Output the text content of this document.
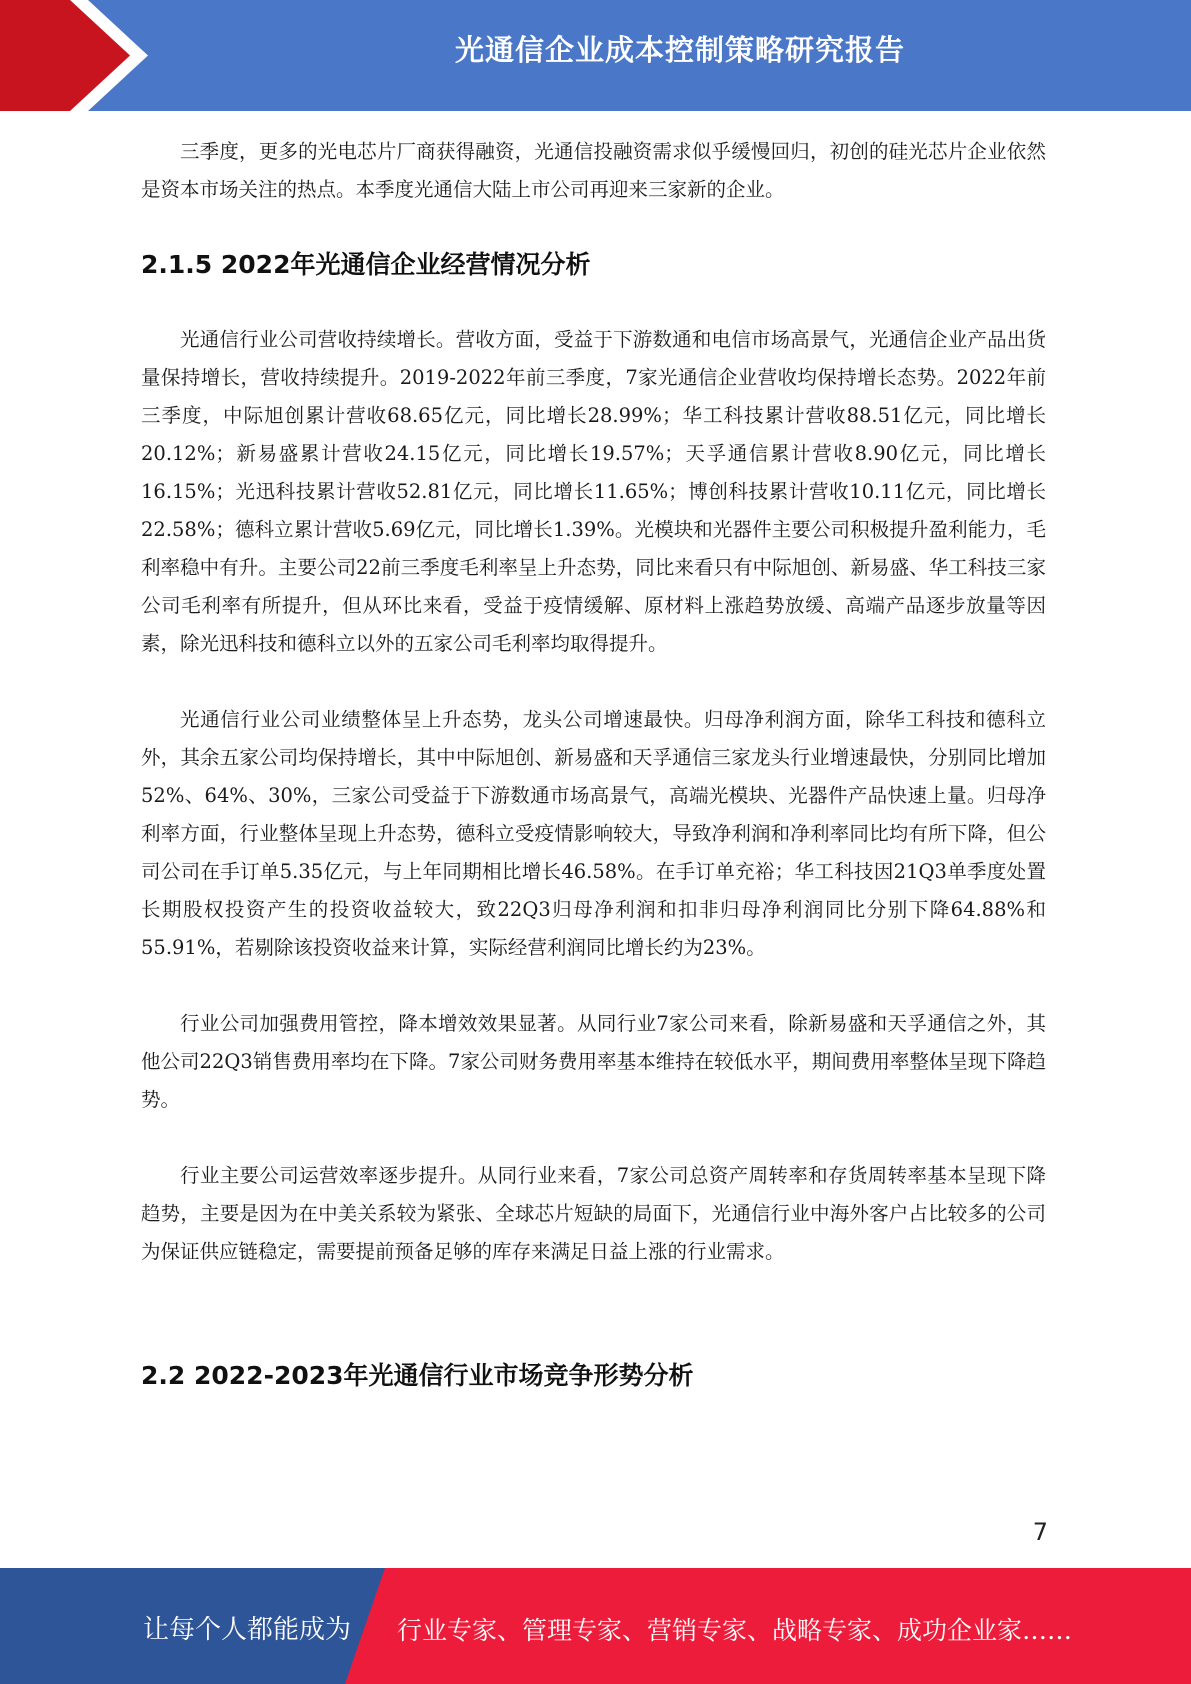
光通信企业成本控制策略研究报告

三季度，更多的光电芯片厂商获得融资，光通信投融资需求似乎缓慢回归，初创的硅光芯片企业依然是资本市场关注的热点。本季度光通信大陆上市公司再迎来三家新的企业。

2.1.5 2022年光通信企业经营情况分析

光通信行业公司营收持续增长。营收方面，受益于下游数通和电信市场高景气，光通信企业产品出货量保持增长，营收持续提升。2019-2022年前三季度，7家光通信企业营收均保持增长态势。2022年前三季度，中际旭创累计营收68.65亿元，同比增长28.99%；华工科技累计营收88.51亿元，同比增长20.12%；新易盛累计营收24.15亿元，同比增长19.57%；天孚通信累计营收8.90亿元，同比增长16.15%；光迅科技累计营收52.81亿元，同比增长11.65%；博创科技累计营收10.11亿元，同比增长22.58%；德科立累计营收5.69亿元，同比增长1.39%。光模块和光器件主要公司积极提升盈利能力，毛利率稳中有升。主要公司22前三季度毛利率呈上升态势，同比来看只有中际旭创、新易盛、华工科技三家公司毛利率有所提升，但从环比来看，受益于疫情缓解、原材料上涨趋势放缓、高端产品逐步放量等因素，除光迅科技和德科立以外的五家公司毛利率均取得提升。

光通信行业公司业绩整体呈上升态势，龙头公司增速最快。归母净利润方面，除华工科技和德科立外，其余五家公司均保持增长，其中中际旭创、新易盛和天孚通信三家龙头行业增速最快，分别同比增加52%、64%、30%，三家公司受益于下游数通市场高景气，高端光模块、光器件产品快速上量。归母净利率方面，行业整体呈现上升态势，德科立受疫情影响较大，导致净利润和净利率同比均有所下降，但公司公司在手订单5.35亿元，与上年同期相比增长46.58%。在手订单充裕；华工科技因21Q3单季度处置长期股权投资产生的投资收益较大，致22Q3归母净利润和扣非归母净利润同比分别下降64.88%和55.91%，若剔除该投资收益来计算，实际经营利润同比增长约为23%。

行业公司加强费用管控，降本增效效果显著。从同行业7家公司来看，除新易盛和天孚通信之外，其他公司22Q3销售费用率均在下降。7家公司财务费用率基本维持在较低水平，期间费用率整体呈现下降趋势。

行业主要公司运营效率逐步提升。从同行业来看，7家公司总资产周转率和存货周转率基本呈现下降趋势，主要是因为在中美关系较为紧张、全球芯片短缺的局面下，光通信行业中海外客户占比较多的公司为保证供应链稳定，需要提前预备足够的库存来满足日益上涨的行业需求。

2.2 2022-2023年光通信行业市场竞争形势分析
7
让每个人都能成为 行业专家、管理专家、营销专家、战略专家、成功企业家……
